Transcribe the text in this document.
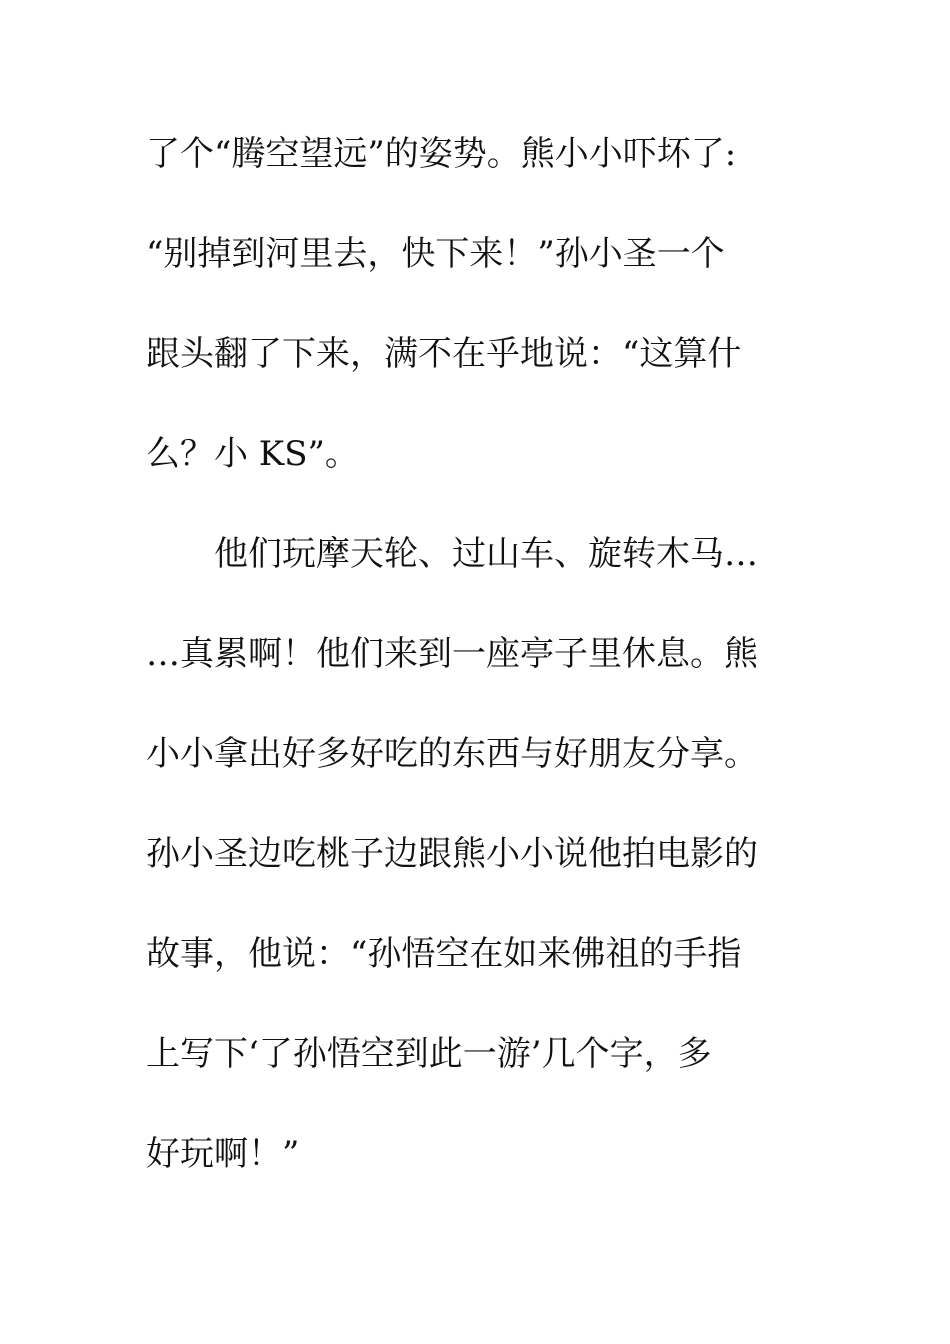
了个“腾空望远”的姿势。熊小小吓坏了:
“别掉到河里去，快下来！”孙小圣一个
跟头翻了下来，满不在乎地说：“这算什
么？小 KS”。
他们玩摩天轮、过山车、旋转木马…
…真累啊！他们来到一座亭子里休息。熊
小小拿出好多好吃的东西与好朋友分享。
孙小圣边吃桃子边跟熊小小说他拍电影的
故事，他说：“孙悟空在如来佛祖的手指
上写下‘了孙悟空到此一游’几个字，多
好玩啊！”
